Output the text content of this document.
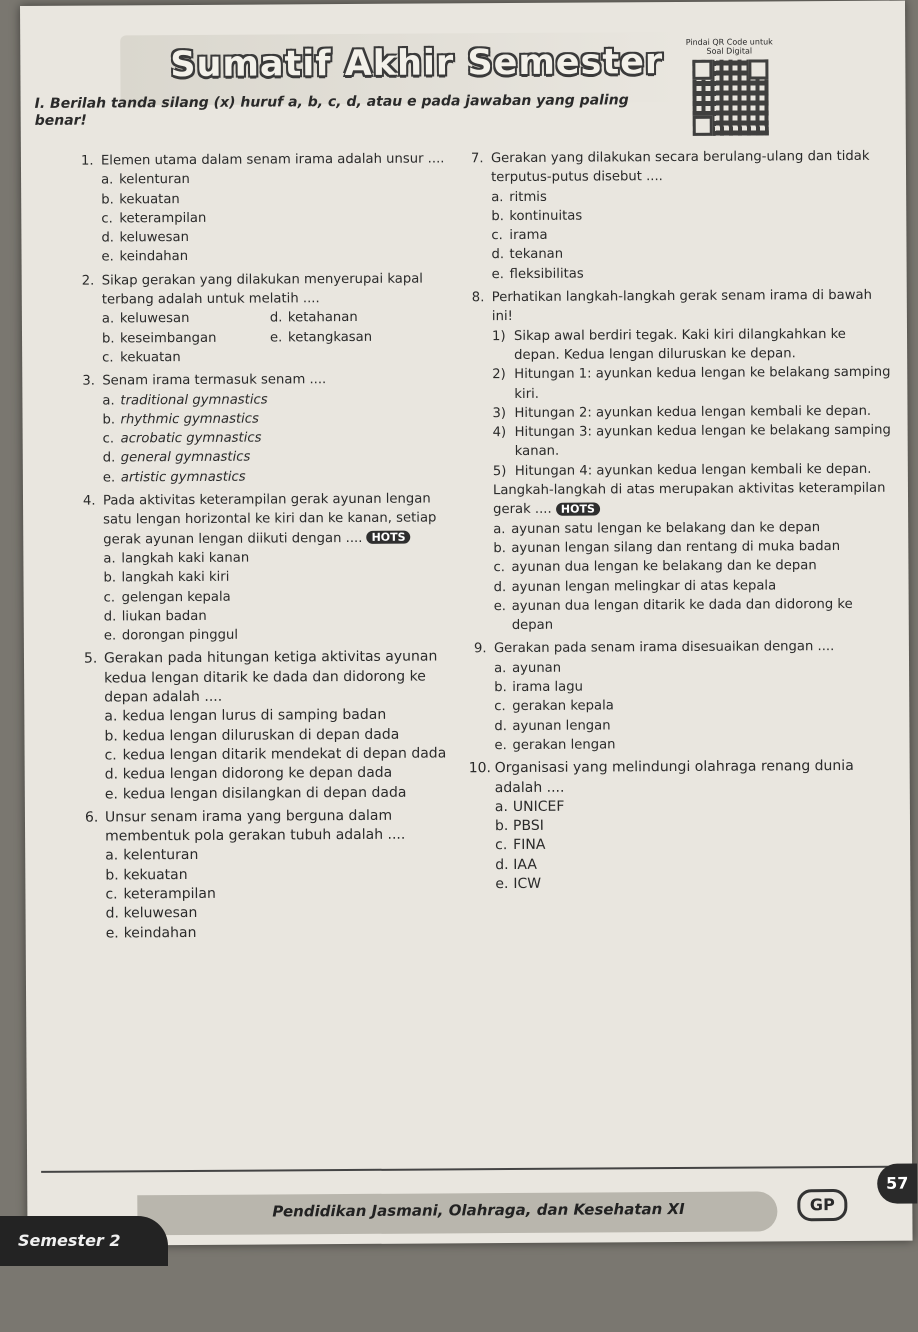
Sumatif Akhir Semester	Pindai QR Code untuk Soal Digital
I. Berilah tanda silang (x) huruf a, b, c, d, atau e pada jawaban yang paling benar!
1. Elemen utama dalam senam irama adalah unsur ....
a. kelenturan
b. kekuatan
c. keterampilan
d. keluwesan
e. keindahan
2. Sikap gerakan yang dilakukan menyerupai kapal terbang adalah untuk melatih ....
a. keluwesan	d. ketahanan
b. keseimbangan	e. ketangkasan
c. kekuatan
3. Senam irama termasuk senam ....
a. traditional gymnastics
b. rhythmic gymnastics
c. acrobatic gymnastics
d. general gymnastics
e. artistic gymnastics
4. Pada aktivitas keterampilan gerak ayunan lengan satu lengan horizontal ke kiri dan ke kanan, setiap gerak ayunan lengan diikuti dengan .... HOTS
a. langkah kaki kanan
b. langkah kaki kiri
c. gelengan kepala
d. liukan badan
e. dorongan pinggul
5. Gerakan pada hitungan ketiga aktivitas ayunan kedua lengan ditarik ke dada dan didorong ke depan adalah ....
a. kedua lengan lurus di samping badan
b. kedua lengan diluruskan di depan dada
c. kedua lengan ditarik mendekat di depan dada
d. kedua lengan didorong ke depan dada
e. kedua lengan disilangkan di depan dada
6. Unsur senam irama yang berguna dalam membentuk pola gerakan tubuh adalah ....
a. kelenturan
b. kekuatan
c. keterampilan
d. keluwesan
e. keindahan
7. Gerakan yang dilakukan secara berulang-ulang dan tidak terputus-putus disebut ....
a. ritmis
b. kontinuitas
c. irama
d. tekanan
e. fleksibilitas
8. Perhatikan langkah-langkah gerak senam irama di bawah ini!
1) Sikap awal berdiri tegak. Kaki kiri dilangkahkan ke depan. Kedua lengan diluruskan ke depan.
2) Hitungan 1: ayunkan kedua lengan ke belakang samping kiri.
3) Hitungan 2: ayunkan kedua lengan kembali ke depan.
4) Hitungan 3: ayunkan kedua lengan ke belakang samping kanan.
5) Hitungan 4: ayunkan kedua lengan kembali ke depan.
Langkah-langkah di atas merupakan aktivitas keterampilan gerak .... HOTS
a. ayunan satu lengan ke belakang dan ke depan
b. ayunan lengan silang dan rentang di muka badan
c. ayunan dua lengan ke belakang dan ke depan
d. ayunan lengan melingkar di atas kepala
e. ayunan dua lengan ditarik ke dada dan didorong ke depan
9. Gerakan pada senam irama disesuaikan dengan ....
a. ayunan
b. irama lagu
c. gerakan kepala
d. ayunan lengan
e. gerakan lengan
10. Organisasi yang melindungi olahraga renang dunia adalah ....
a. UNICEF
b. PBSI
c. FINA
d. IAA
e. ICW
Pendidikan Jasmani, Olahraga, dan Kesehatan XI	GP
57
Semester 2
